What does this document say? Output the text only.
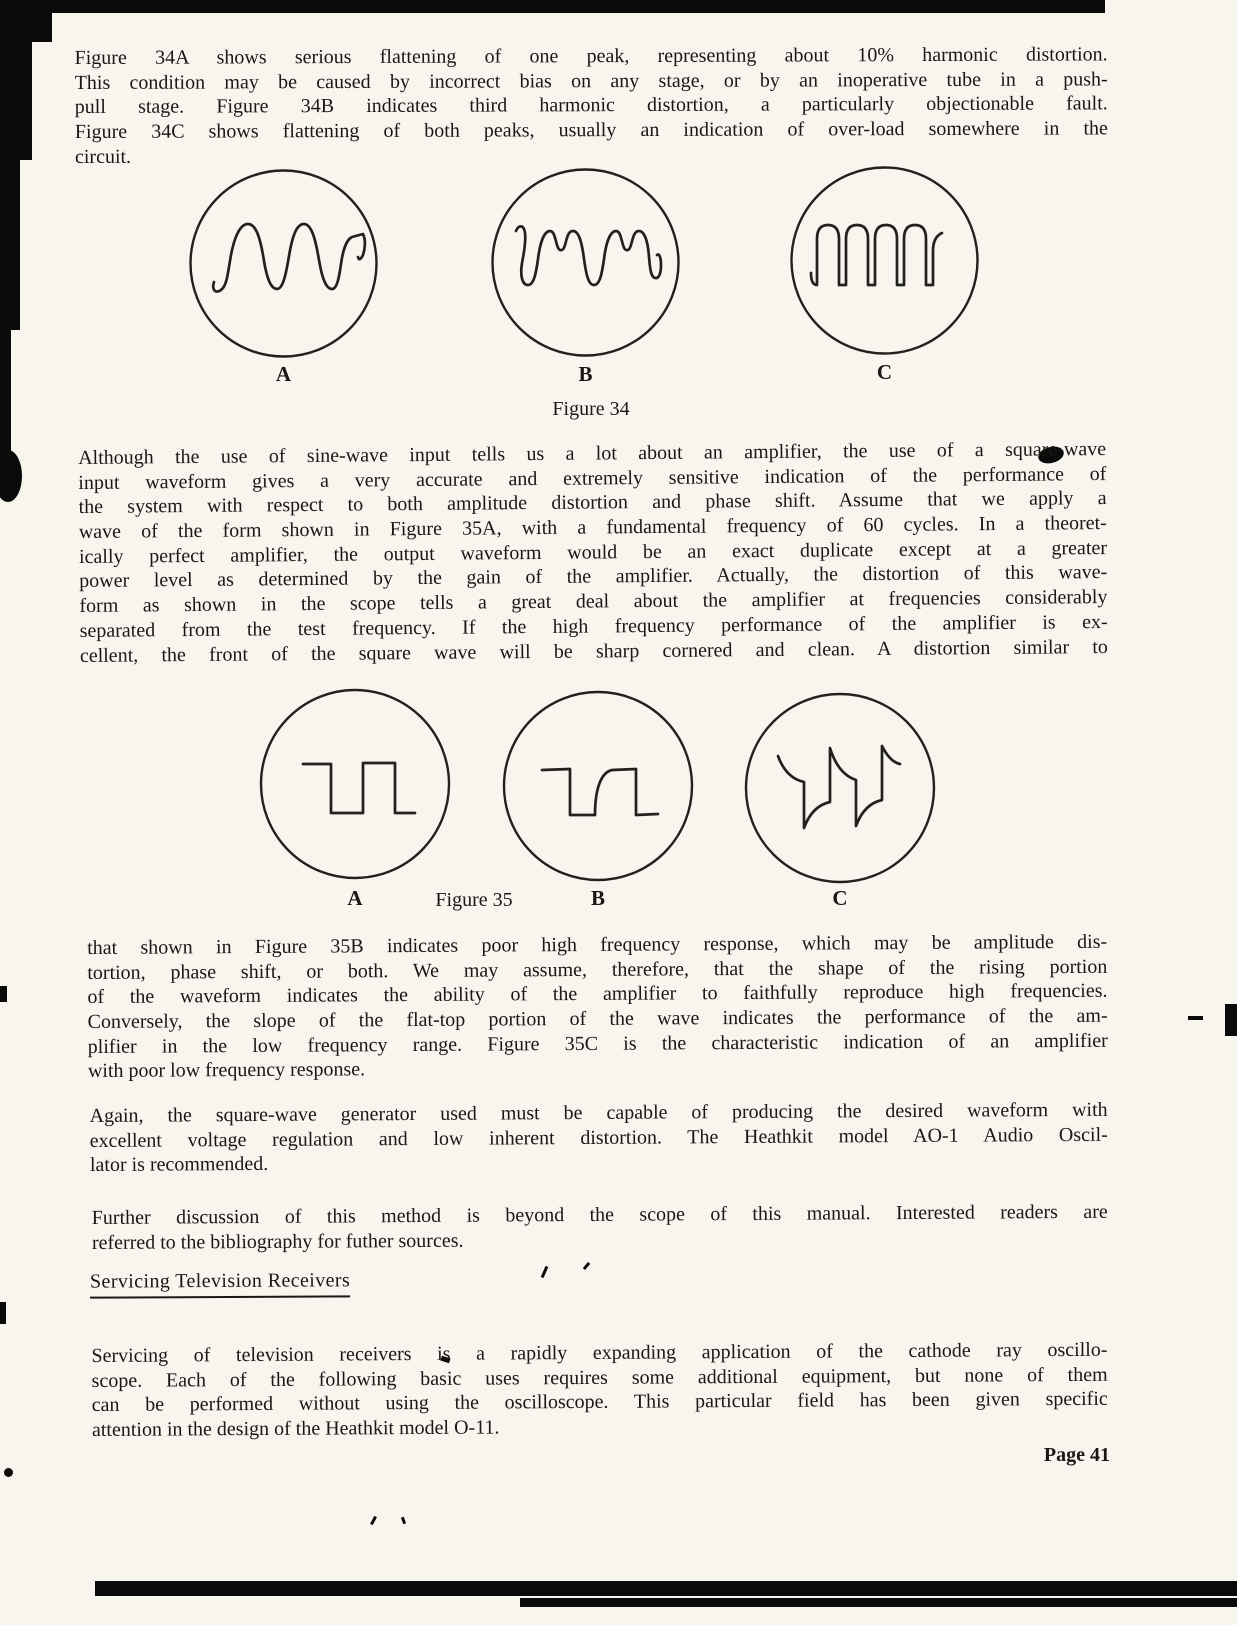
Figure 34A shows serious flattening of one peak, representing about 10% harmonic distortion.
This condition may be caused by incorrect bias on any stage, or by an inoperative tube in a push-
pull stage. Figure 34B indicates third harmonic distortion, a particularly objectionable fault.
Figure 34C shows flattening of both peaks, usually an indication of over-load somewhere in the
circuit.
A	B	C
Figure 34
Although the use of sine-wave input tells us a lot about an amplifier, the use of a square-wave
input waveform gives a very accurate and extremely sensitive indication of the performance of
the system with respect to both amplitude distortion and phase shift. Assume that we apply a
wave of the form shown in Figure 35A, with a fundamental frequency of 60 cycles. In a theoret-
ically perfect amplifier, the output waveform would be an exact duplicate except at a greater
power level as determined by the gain of the amplifier. Actually, the distortion of this wave-
form as shown in the scope tells a great deal about the amplifier at frequencies considerably
separated from the test frequency. If the high frequency performance of the amplifier is ex-
cellent, the front of the square wave will be sharp cornered and clean. A distortion similar to
A	Figure 35	B	C
that shown in Figure 35B indicates poor high frequency response, which may be amplitude dis-
tortion, phase shift, or both. We may assume, therefore, that the shape of the rising portion
of the waveform indicates the ability of the amplifier to faithfully reproduce high frequencies.
Conversely, the slope of the flat-top portion of the wave indicates the performance of the am-
plifier in the low frequency range. Figure 35C is the characteristic indication of an amplifier
with poor low frequency response.
Again, the square-wave generator used must be capable of producing the desired waveform with
excellent voltage regulation and low inherent distortion. The Heathkit model AO-1 Audio Oscil-
lator is recommended.
Further discussion of this method is beyond the scope of this manual. Interested readers are
referred to the bibliography for futher sources.
Servicing Television Receivers
Servicing of television receivers is a rapidly expanding application of the cathode ray oscillo-
scope. Each of the following basic uses requires some additional equipment, but none of them
can be performed without using the oscilloscope. This particular field has been given specific
attention in the design of the Heathkit model O-11.
Page 41
